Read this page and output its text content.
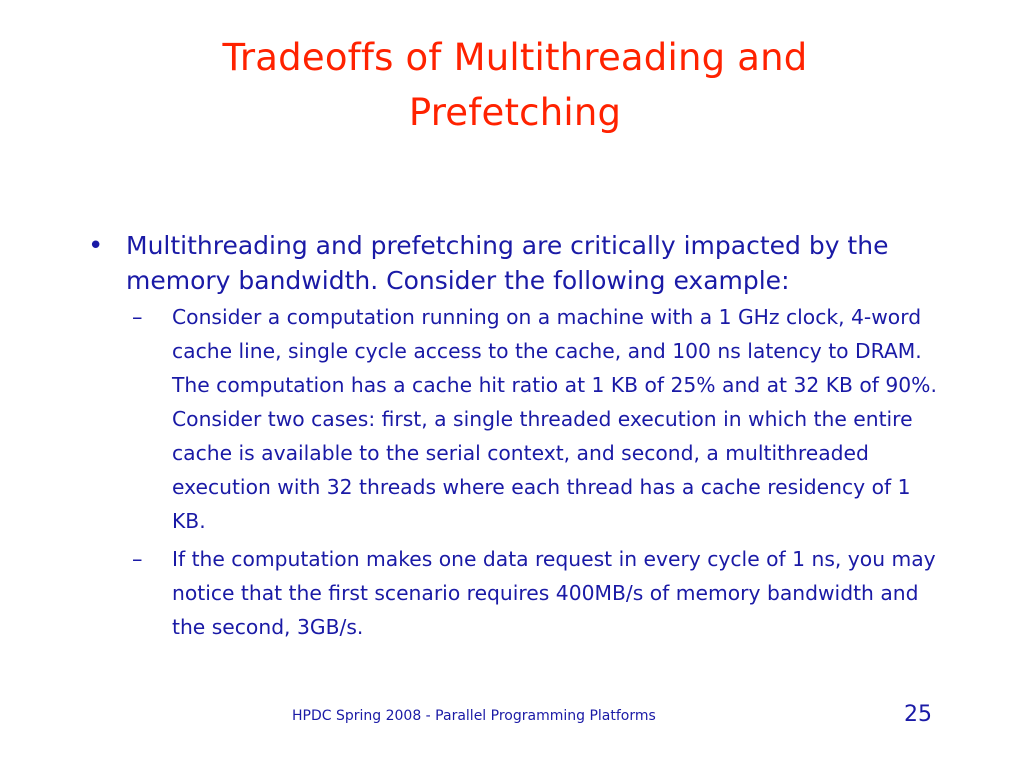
Tradeoffs of Multithreading and
Prefetching
• Multithreading and prefetching are critically impacted by the memory bandwidth. Consider the following example:
–	Consider a computation running on a machine with a 1 GHz clock, 4-word cache line, single cycle access to the cache, and 100 ns latency to DRAM. The computation has a cache hit ratio at 1 KB of 25% and at 32 KB of 90%. Consider two cases: first, a single threaded execution in which the entire cache is available to the serial context, and second, a multithreaded execution with 32 threads where each thread has a cache residency of 1 KB.
–	If the computation makes one data request in every cycle of 1 ns, you may notice that the first scenario requires 400MB/s of memory bandwidth and the second, 3GB/s.
HPDC Spring 2008 - Parallel Programming Platforms	25
